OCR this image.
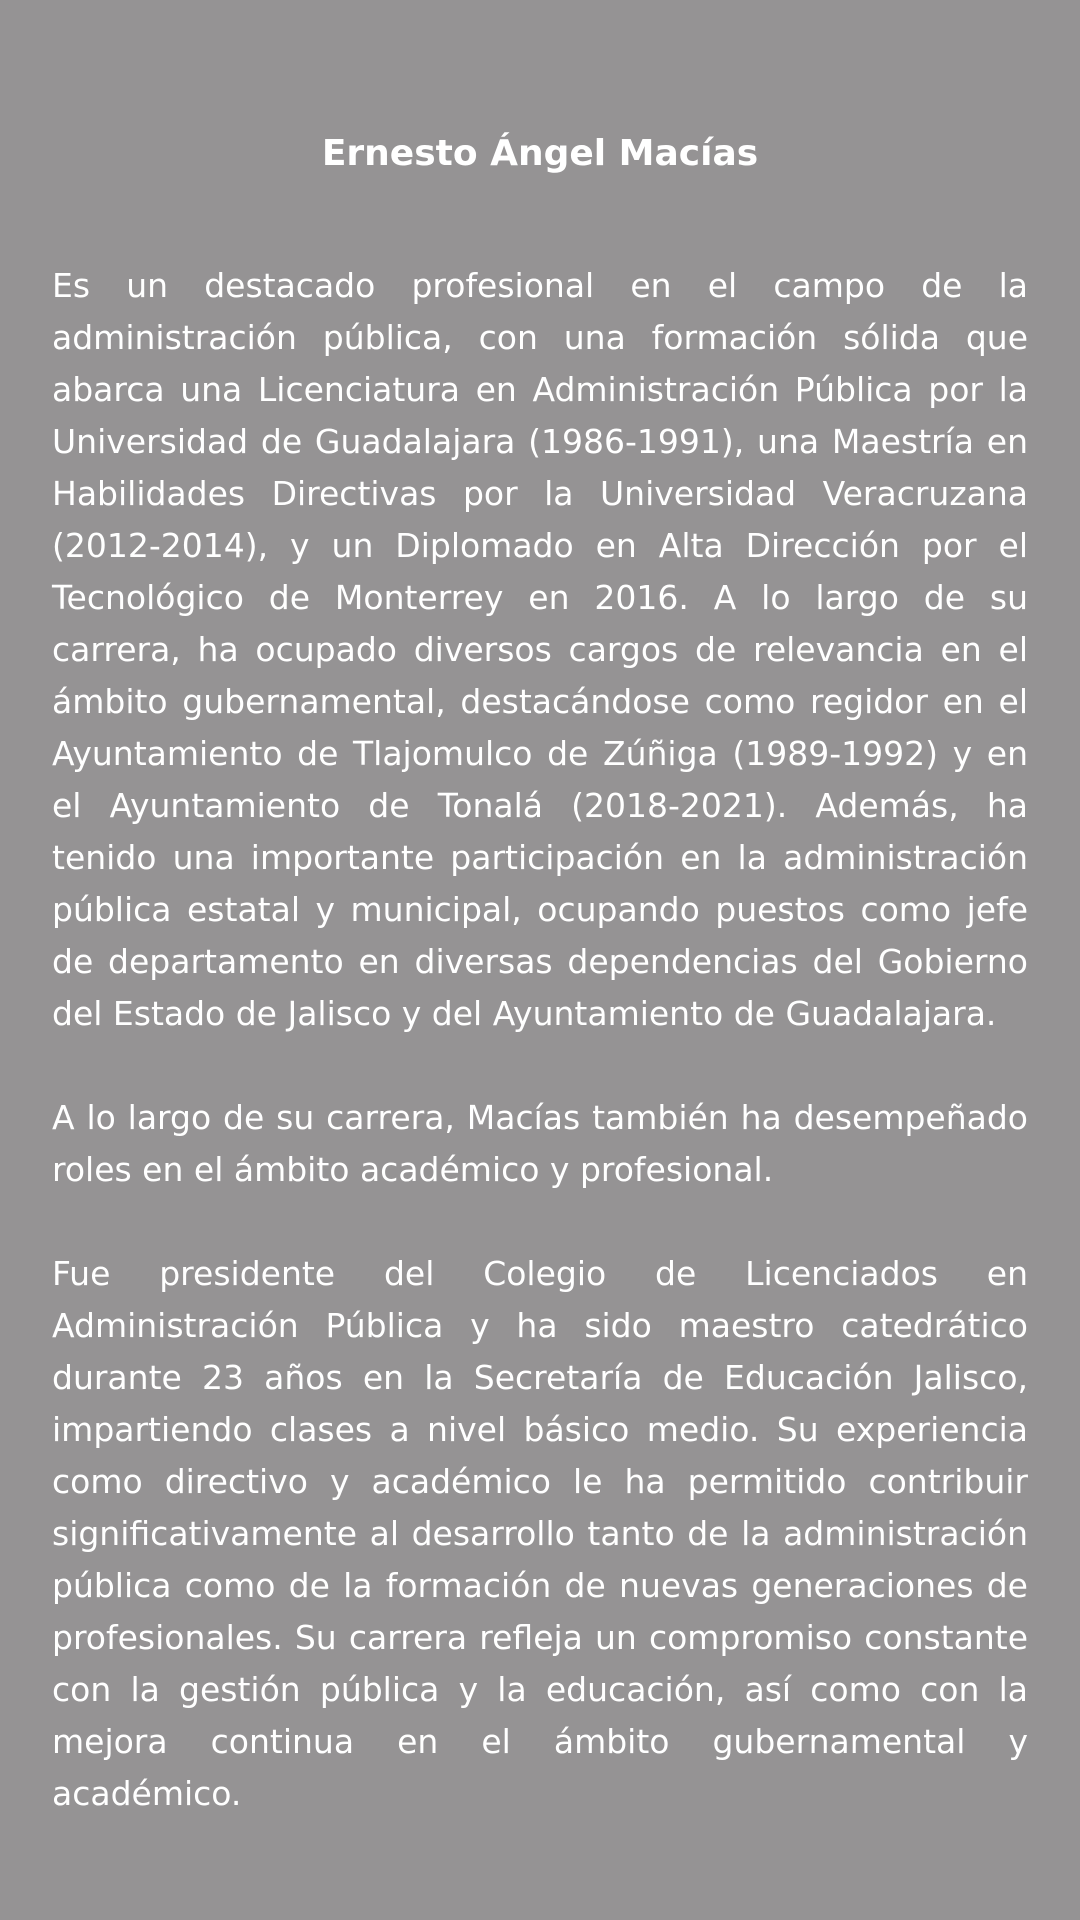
Ernesto Ángel Macías

Es un destacado profesional en el campo de la administración pública, con una formación sólida que abarca una Licenciatura en Administración Pública por la Universidad de Guadalajara (1986-1991), una Maestría en Habilidades Directivas por la Universidad Veracruzana (2012-2014), y un Diplomado en Alta Dirección por el Tecnológico de Monterrey en 2016. A lo largo de su carrera, ha ocupado diversos cargos de relevancia en el ámbito gubernamental, destacándose como regidor en el Ayuntamiento de Tlajomulco de Zúñiga (1989-1992) y en el Ayuntamiento de Tonalá (2018-2021). Además, ha tenido una importante participación en la administración pública estatal y municipal, ocupando puestos como jefe de departamento en diversas dependencias del Gobierno del Estado de Jalisco y del Ayuntamiento de Guadalajara.

A lo largo de su carrera, Macías también ha desempeñado roles en el ámbito académico y profesional.

Fue presidente del Colegio de Licenciados en Administración Pública y ha sido maestro catedrático durante 23 años en la Secretaría de Educación Jalisco, impartiendo clases a nivel básico medio. Su experiencia como directivo y académico le ha permitido contribuir significativamente al desarrollo tanto de la administración pública como de la formación de nuevas generaciones de profesionales. Su carrera refleja un compromiso constante con la gestión pública y la educación, así como con la mejora continua en el ámbito gubernamental y académico.
